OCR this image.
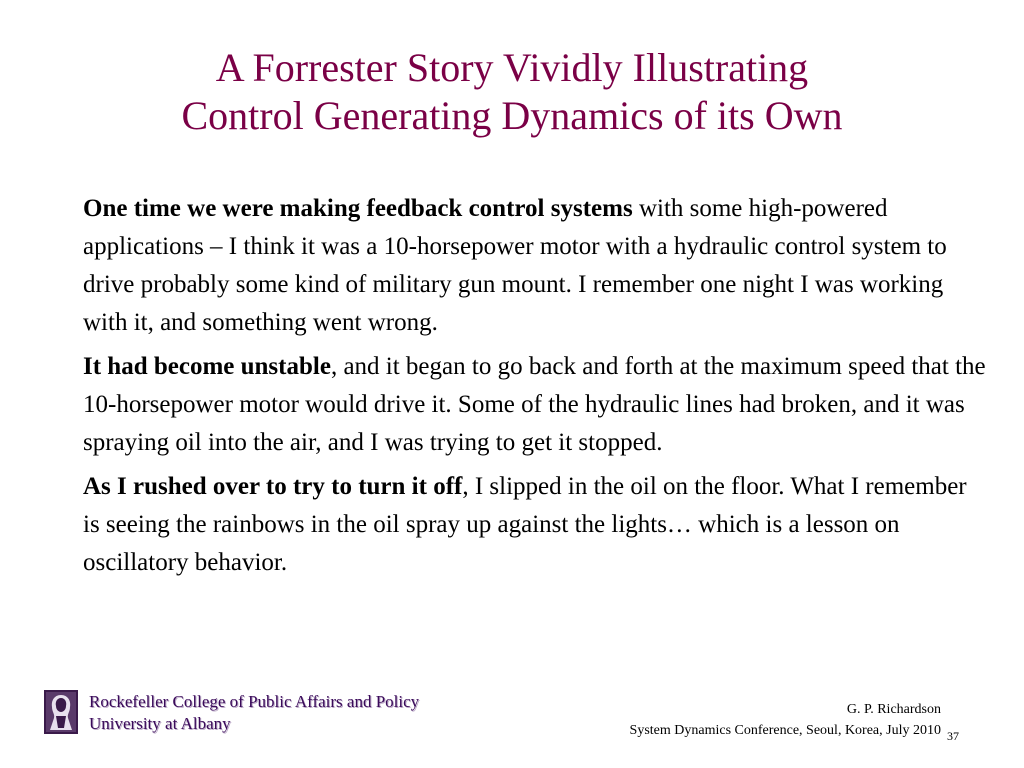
A Forrester Story Vividly Illustrating
Control Generating Dynamics of its Own

One time we were making feedback control systems with some high-powered applications – I think it was a 10-horsepower motor with a hydraulic control system to drive probably some kind of military gun mount. I remember one night I was working with it, and something went wrong.

It had become unstable, and it began to go back and forth at the maximum speed that the 10-horsepower motor would drive it. Some of the hydraulic lines had broken, and it was spraying oil into the air, and I was trying to get it stopped.

As I rushed over to try to turn it off, I slipped in the oil on the floor. What I remember is seeing the rainbows in the oil spray up against the lights… which is a lesson on oscillatory behavior.

Rockefeller College of Public Affairs and Policy
University at Albany
G. P. Richardson
System Dynamics Conference, Seoul, Korea, July 2010 37
